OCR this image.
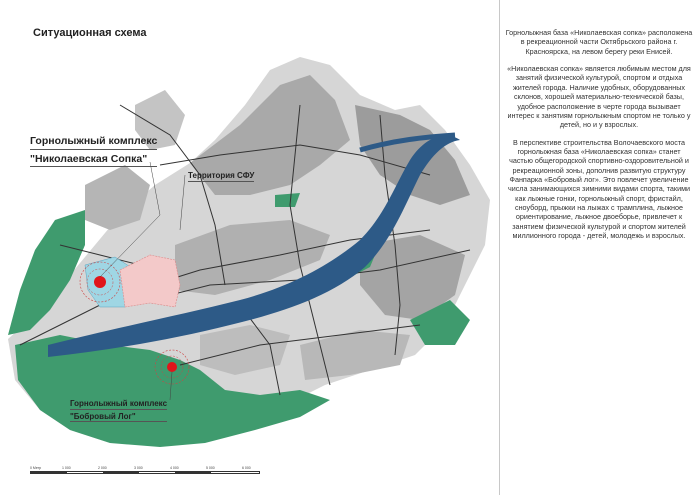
Ситуационная схема
Горнолыжный комплекс
"Николаевская Сопка"
Территория СФУ
Горнолыжный комплекс
"Бобровый Лог"
0 Метр	1 000	2 000	3 000	4 000	5 000	6 000

Горнолыжная база «Николаевская сопка» расположена в рекреационной части Октябрьского района г. Красноярска, на левом берегу реки Енисей.

«Николаевская сопка» является любимым местом для занятий физической культурой, спортом и отдыха жителей города. Наличие удобных, оборудованных склонов, хорошей материально-технической базы, удобное расположение в черте города вызывает интерес к занятиям горнолыжным спортом не только у детей, но и у взрослых.

В перспективе строительства Волочаевского моста горнолыжная база «Николаевская сопка» станет частью общегородской спортивно-оздоровительной и рекреационной зоны, дополнив развитую структуру Фанпарка «Бобровый лог». Это повлечет увеличение числа занимающихся зимними видами спорта, такими как лыжные гонки, горнолыжный спорт, фристайл, сноуборд, прыжки на лыжах с трамплина, лыжное ориентирование, лыжное двоеборье, привлечет к занятием физической культурой и спортом жителей миллионного города - детей, молодежь и взрослых.
